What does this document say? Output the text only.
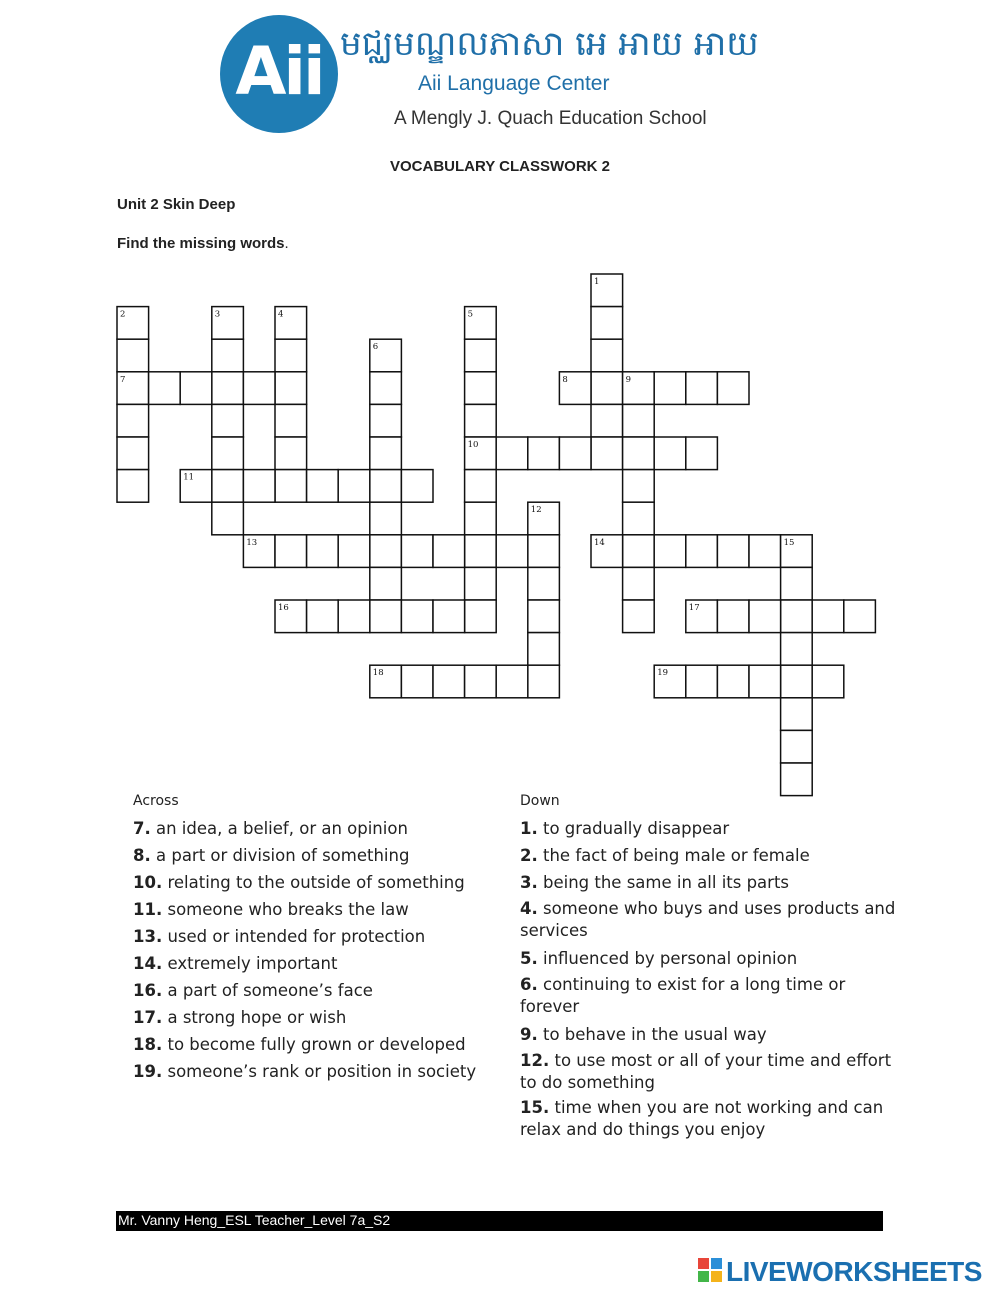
Aii មជ្ឈមណ្ឌលភាសា អេ អាយ អាយ
Aii Language Center
A Mengly J. Quach Education School
VOCABULARY CLASSWORK 2
Unit 2 Skin Deep
Find the missing words.
1
2	3	4	5
6
7	8	9
10
11
12
13	14	15
16	17
18	19
Across
7. an idea, a belief, or an opinion
8. a part or division of something
10. relating to the outside of something
11. someone who breaks the law
13. used or intended for protection
14. extremely important
16. a part of someone’s face
17. a strong hope or wish
18. to become fully grown or developed
19. someone’s rank or position in society
Down
1. to gradually disappear
2. the fact of being male or female
3. being the same in all its parts
4. someone who buys and uses products and services
5. influenced by personal opinion
6. continuing to exist for a long time or forever
9. to behave in the usual way
12. to use most or all of your time and effort to do something
15. time when you are not working and can relax and do things you enjoy
Mr. Vanny Heng_ESL Teacher_Level 7a_S2
LIVEWORKSHEETS
